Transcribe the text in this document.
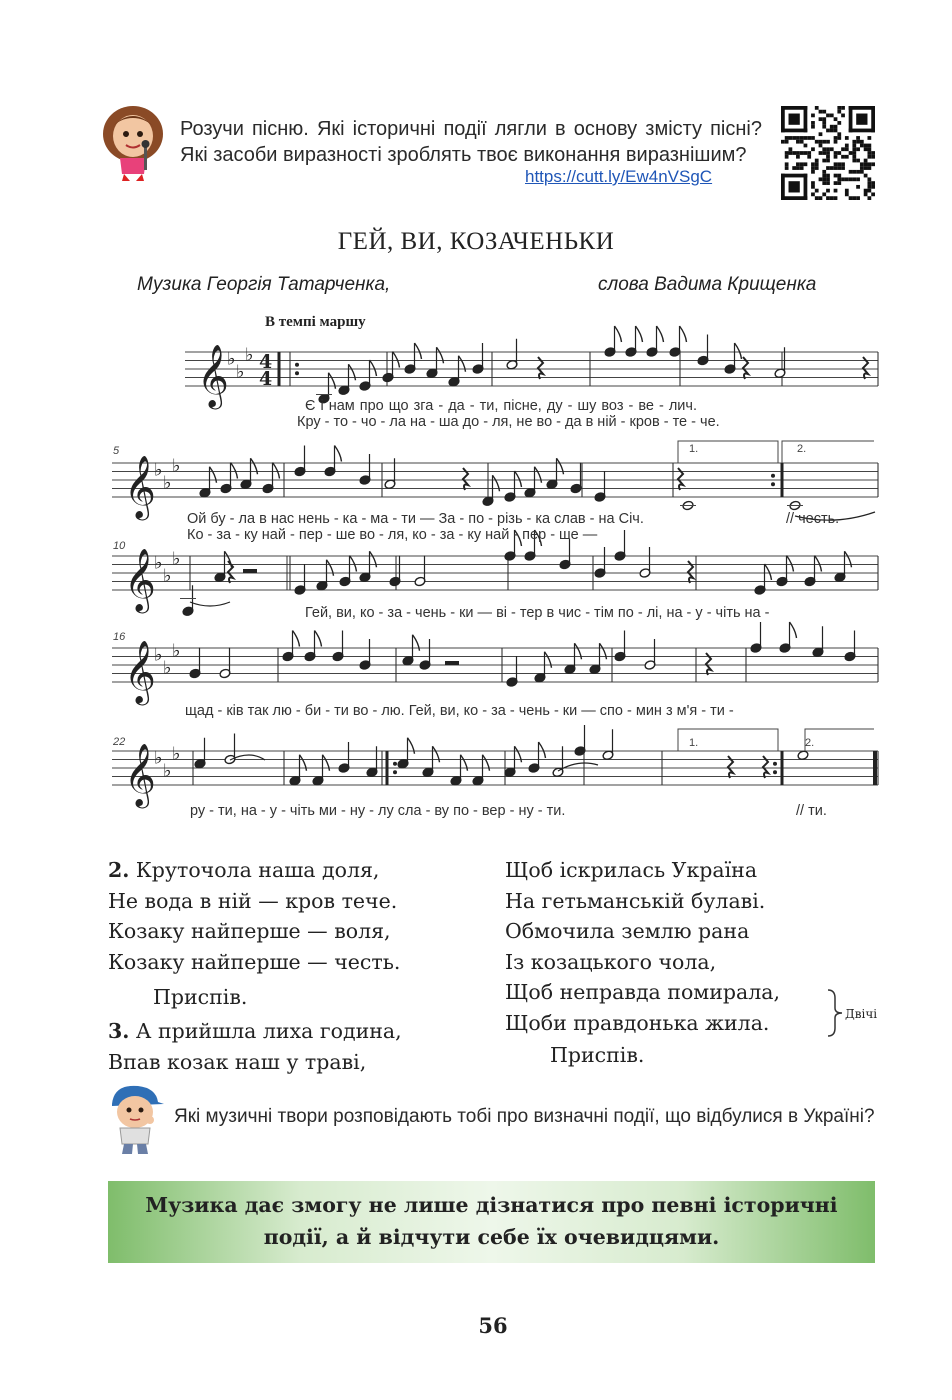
Розучи пісню. Які історичні події лягли в основу змісту пісні? Які засоби виразності зроблять твоє виконання виразнішим?
https://cutt.ly/Ew4nVSgC
ГЕЙ, ВИ, КОЗАЧЕНЬКИ
Музика Георгія Татарченка,	слова Вадима Крищенка
𝄞
♭
♭
♭ 4
4
𝄞
♭
♭
♭
𝄞
♭
♭
♭
𝄞
♭
♭
♭
𝄞
♭
♭
♭
В темпі маршу
5
10
16
22
1.	2.
1.	2.
Є і нам про що зга - да - ти, пісне, ду - шу воз - ве - лич.
Кру - то - чо - ла на - ша до - ля, не во - да в ній - кров - те - че.
Ой бу - ла в нас нень - ка - ма - ти — За - по - різь - ка слав - на Січ.	// честь.
Ко - за - ку най - пер - ше во - ля, ко - за - ку най - пер - ше —
Гей, ви, ко - за - чень - ки — ві - тер в чис - тім по - лі, на - у - чіть на -
щад - ків так лю - би - ти во - лю. Гей, ви, ко - за - чень - ки — спо - мин з м'я - ти -
ру - ти, на - у - чіть ми - ну - лу сла - ву по - вер - ну - ти.	// ти.
2. Круточола наша доля,
Не вода в ній — кров тече.
Козаку найперше — воля,
Козаку найперше — честь.
Приспів.
3. А прийшла лиха година,
Впав козак наш у траві,
Щоб іскрилась Україна
На гетьманській булаві.
Обмочила землю рана
Із козацького чола,
Щоб неправда помирала,
Щоби правдонька жила.	Двічі
Приспів.
Які музичні твори розповідають тобі про визначні події, що відбулися в Україні?
Музика дає змогу не лише дізнатися про певні історичні
події, а й відчути себе їх очевидцями.
56
